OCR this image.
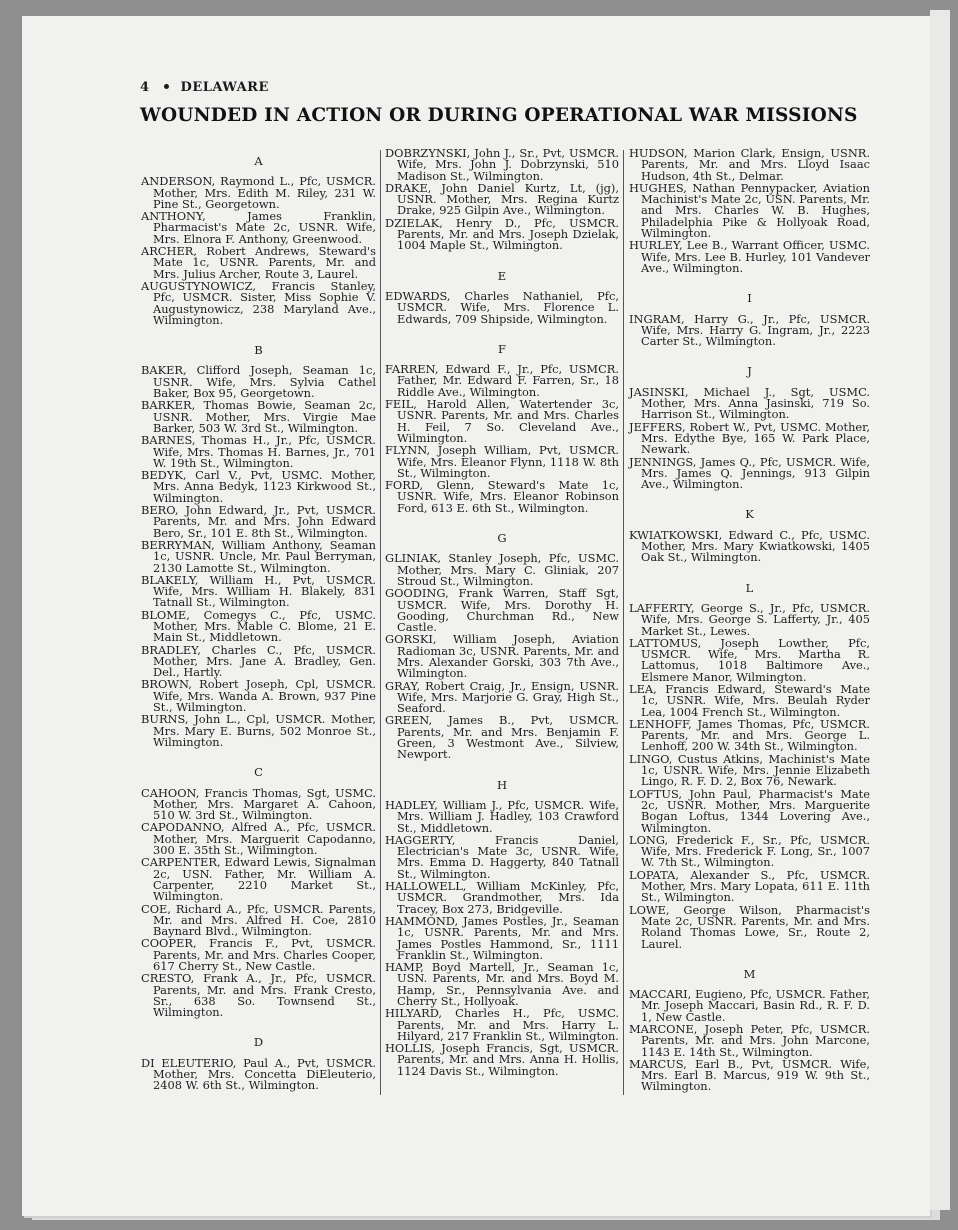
4 DELAWARE
WOUNDED IN ACTION OR DURING OPERATIONAL WAR MISSIONS
A
ANDERSON, Raymond L., Pfc, USMCR. Mother, Mrs. Edith M. Riley, 231 W. Pine St., Georgetown.
ANTHONY, James Franklin, Pharmacist's Mate 2c, USNR. Wife, Mrs. Elnora F. Anthony, Greenwood.
ARCHER, Robert Andrews, Steward's Mate 1c, USNR. Parents, Mr. and Mrs. Julius Archer, Route 3, Laurel.
AUGUSTYNOWICZ, Francis Stanley, Pfc, USMCR. Sister, Miss Sophie V. Augustynowicz, 238 Maryland Ave., Wilmington.
B
BAKER, Clifford Joseph, Seaman 1c, USNR. Wife, Mrs. Sylvia Cathel Baker, Box 95, Georgetown.
BARKER, Thomas Bowie, Seaman 2c, USNR. Mother, Mrs. Virgie Mae Barker, 503 W. 3rd St., Wilmington.
BARNES, Thomas H., Jr., Pfc, USMCR. Wife, Mrs. Thomas H. Barnes, Jr., 701 W. 19th St., Wilmington.
BEDYK, Carl V., Pvt, USMC. Mother, Mrs. Anna Bedyk, 1123 Kirkwood St., Wilmington.
BERO, John Edward, Jr., Pvt, USMCR. Parents, Mr. and Mrs. John Edward Bero, Sr., 101 E. 8th St., Wilmington.
BERRYMAN, William Anthony, Seaman 1c, USNR. Uncle, Mr. Paul Berryman, 2130 Lamotte St., Wilmington.
BLAKELY, William H., Pvt, USMCR. Wife, Mrs. William H. Blakely, 831 Tatnall St., Wilmington.
BLOME, Comegys C., Pfc, USMC. Mother, Mrs. Mable C. Blome, 21 E. Main St., Middletown.
BRADLEY, Charles C., Pfc, USMCR. Mother, Mrs. Jane A. Bradley, Gen. Del., Hartly.
BROWN, Robert Joseph, Cpl, USMCR. Wife, Mrs. Wanda A. Brown, 937 Pine St., Wilmington.
BURNS, John L., Cpl, USMCR. Mother, Mrs. Mary E. Burns, 502 Monroe St., Wilmington.
C
CAHOON, Francis Thomas, Sgt, USMC. Mother, Mrs. Margaret A. Cahoon, 510 W. 3rd St., Wilmington.
CAPODANNO, Alfred A., Pfc, USMCR. Mother, Mrs. Marguerit Capodanno, 300 E. 35th St., Wilmington.
CARPENTER, Edward Lewis, Signalman 2c, USN. Father, Mr. William A. Carpenter, 2210 Market St., Wilmington.
COE, Richard A., Pfc, USMCR. Parents, Mr. and Mrs. Alfred H. Coe, 2810 Baynard Blvd., Wilmington.
COOPER, Francis F., Pvt, USMCR. Parents, Mr. and Mrs. Charles Cooper, 617 Cherry St., New Castle.
CRESTO, Frank A., Jr., Pfc, USMCR. Parents, Mr. and Mrs. Frank Cresto, Sr., 638 So. Townsend St., Wilmington.
D
DI ELEUTERIO, Paul A., Pvt, USMCR. Mother, Mrs. Concetta DiEleuterio, 2408 W. 6th St., Wilmington.
DOBRZYNSKI, John J., Sr., Pvt, USMCR. Wife, Mrs. John J. Dobrzynski, 510 Madison St., Wilmington.
DRAKE, John Daniel Kurtz, Lt, (jg), USNR. Mother, Mrs. Regina Kurtz Drake, 925 Gilpin Ave., Wilmington.
DZIELAK, Henry D., Pfc, USMCR. Parents, Mr. and Mrs. Joseph Dzielak, 1004 Maple St., Wilmington.
E
EDWARDS, Charles Nathaniel, Pfc, USMCR. Wife, Mrs. Florence L. Edwards, 709 Shipside, Wilmington.
F
FARREN, Edward F., Jr., Pfc, USMCR. Father, Mr. Edward F. Farren, Sr., 18 Riddle Ave., Wilmington.
FEIL, Harold Allen, Watertender 3c, USNR. Parents, Mr. and Mrs. Charles H. Feil, 7 So. Cleveland Ave., Wilmington.
FLYNN, Joseph William, Pvt, USMCR. Wife, Mrs. Eleanor Flynn, 1118 W. 8th St., Wilmington.
FORD, Glenn, Steward's Mate 1c, USNR. Wife, Mrs. Eleanor Robinson Ford, 613 E. 6th St., Wilmington.
G
GLINIAK, Stanley Joseph, Pfc, USMC. Mother, Mrs. Mary C. Gliniak, 207 Stroud St., Wilmington.
GOODING, Frank Warren, Staff Sgt, USMCR. Wife, Mrs. Dorothy H. Gooding, Churchman Rd., New Castle.
GORSKI, William Joseph, Aviation Radioman 3c, USNR. Parents, Mr. and Mrs. Alexander Gorski, 303 7th Ave., Wilmington.
GRAY, Robert Craig, Jr., Ensign, USNR. Wife, Mrs. Marjorie G. Gray, High St., Seaford.
GREEN, James B., Pvt, USMCR. Parents, Mr. and Mrs. Benjamin F. Green, 3 Westmont Ave., Silview, Newport.
H
HADLEY, William J., Pfc, USMCR. Wife, Mrs. William J. Hadley, 103 Crawford St., Middletown.
HAGGERTY, Francis Daniel, Electrician's Mate 3c, USNR. Wife, Mrs. Emma D. Haggerty, 840 Tatnall St., Wilmington.
HALLOWELL, William McKinley, Pfc, USMCR. Grandmother, Mrs. Ida Tracey, Box 273, Bridgeville.
HAMMOND, James Postles, Jr., Seaman 1c, USNR. Parents, Mr. and Mrs. James Postles Hammond, Sr., 1111 Franklin St., Wilmington.
HAMP, Boyd Martell, Jr., Seaman 1c, USN. Parents, Mr. and Mrs. Boyd M. Hamp, Sr., Pennsylvania Ave. and Cherry St., Hollyoak.
HILYARD, Charles H., Pfc, USMC. Parents, Mr. and Mrs. Harry L. Hilyard, 217 Franklin St., Wilmington.
HOLLIS, Joseph Francis, Sgt, USMCR. Parents, Mr. and Mrs. Anna H. Hollis, 1124 Davis St., Wilmington.
HUDSON, Marion Clark, Ensign, USNR. Parents, Mr. and Mrs. Lloyd Isaac Hudson, 4th St., Delmar.
HUGHES, Nathan Pennypacker, Aviation Machinist's Mate 2c, USN. Parents, Mr. and Mrs. Charles W. B. Hughes, Philadelphia Pike & Hollyoak Road, Wilmington.
HURLEY, Lee B., Warrant Officer, USMC. Wife, Mrs. Lee B. Hurley, 101 Vandever Ave., Wilmington.
I
INGRAM, Harry G., Jr., Pfc, USMCR. Wife, Mrs. Harry G. Ingram, Jr., 2223 Carter St., Wilmington.
J
JASINSKI, Michael J., Sgt, USMC. Mother, Mrs. Anna Jasinski, 719 So. Harrison St., Wilmington.
JEFFERS, Robert W., Pvt, USMC. Mother, Mrs. Edythe Bye, 165 W. Park Place, Newark.
JENNINGS, James Q., Pfc, USMCR. Wife, Mrs. James Q. Jennings, 913 Gilpin Ave., Wilmington.
K
KWIATKOWSKI, Edward C., Pfc, USMC. Mother, Mrs. Mary Kwiatkowski, 1405 Oak St., Wilmington.
L
LAFFERTY, George S., Jr., Pfc, USMCR. Wife, Mrs. George S. Lafferty, Jr., 405 Market St., Lewes.
LATTOMUS, Joseph Lowther, Pfc, USMCR. Wife, Mrs. Martha R. Lattomus, 1018 Baltimore Ave., Elsmere Manor, Wilmington.
LEA, Francis Edward, Steward's Mate 1c, USNR. Wife, Mrs. Beulah Ryder Lea, 1004 French St., Wilmington.
LENHOFF, James Thomas, Pfc, USMCR. Parents, Mr. and Mrs. George L. Lenhoff, 200 W. 34th St., Wilmington.
LINGO, Custus Atkins, Machinist's Mate 1c, USNR. Wife, Mrs. Jennie Elizabeth Lingo, R. F. D. 2, Box 76, Newark.
LOFTUS, John Paul, Pharmacist's Mate 2c, USNR. Mother, Mrs. Marguerite Bogan Loftus, 1344 Lovering Ave., Wilmington.
LONG, Frederick F., Sr., Pfc, USMCR. Wife, Mrs. Frederick F. Long, Sr., 1007 W. 7th St., Wilmington.
LOPATA, Alexander S., Pfc, USMCR. Mother, Mrs. Mary Lopata, 611 E. 11th St., Wilmington.
LOWE, George Wilson, Pharmacist's Mate 2c, USNR. Parents, Mr. and Mrs. Roland Thomas Lowe, Sr., Route 2, Laurel.
M
MACCARI, Eugieno, Pfc, USMCR. Father, Mr. Joseph Maccari, Basin Rd., R. F. D. 1, New Castle.
MARCONE, Joseph Peter, Pfc, USMCR. Parents, Mr. and Mrs. John Marcone, 1143 E. 14th St., Wilmington.
MARCUS, Earl B., Pvt, USMCR. Wife, Mrs. Earl B. Marcus, 919 W. 9th St., Wilmington.
